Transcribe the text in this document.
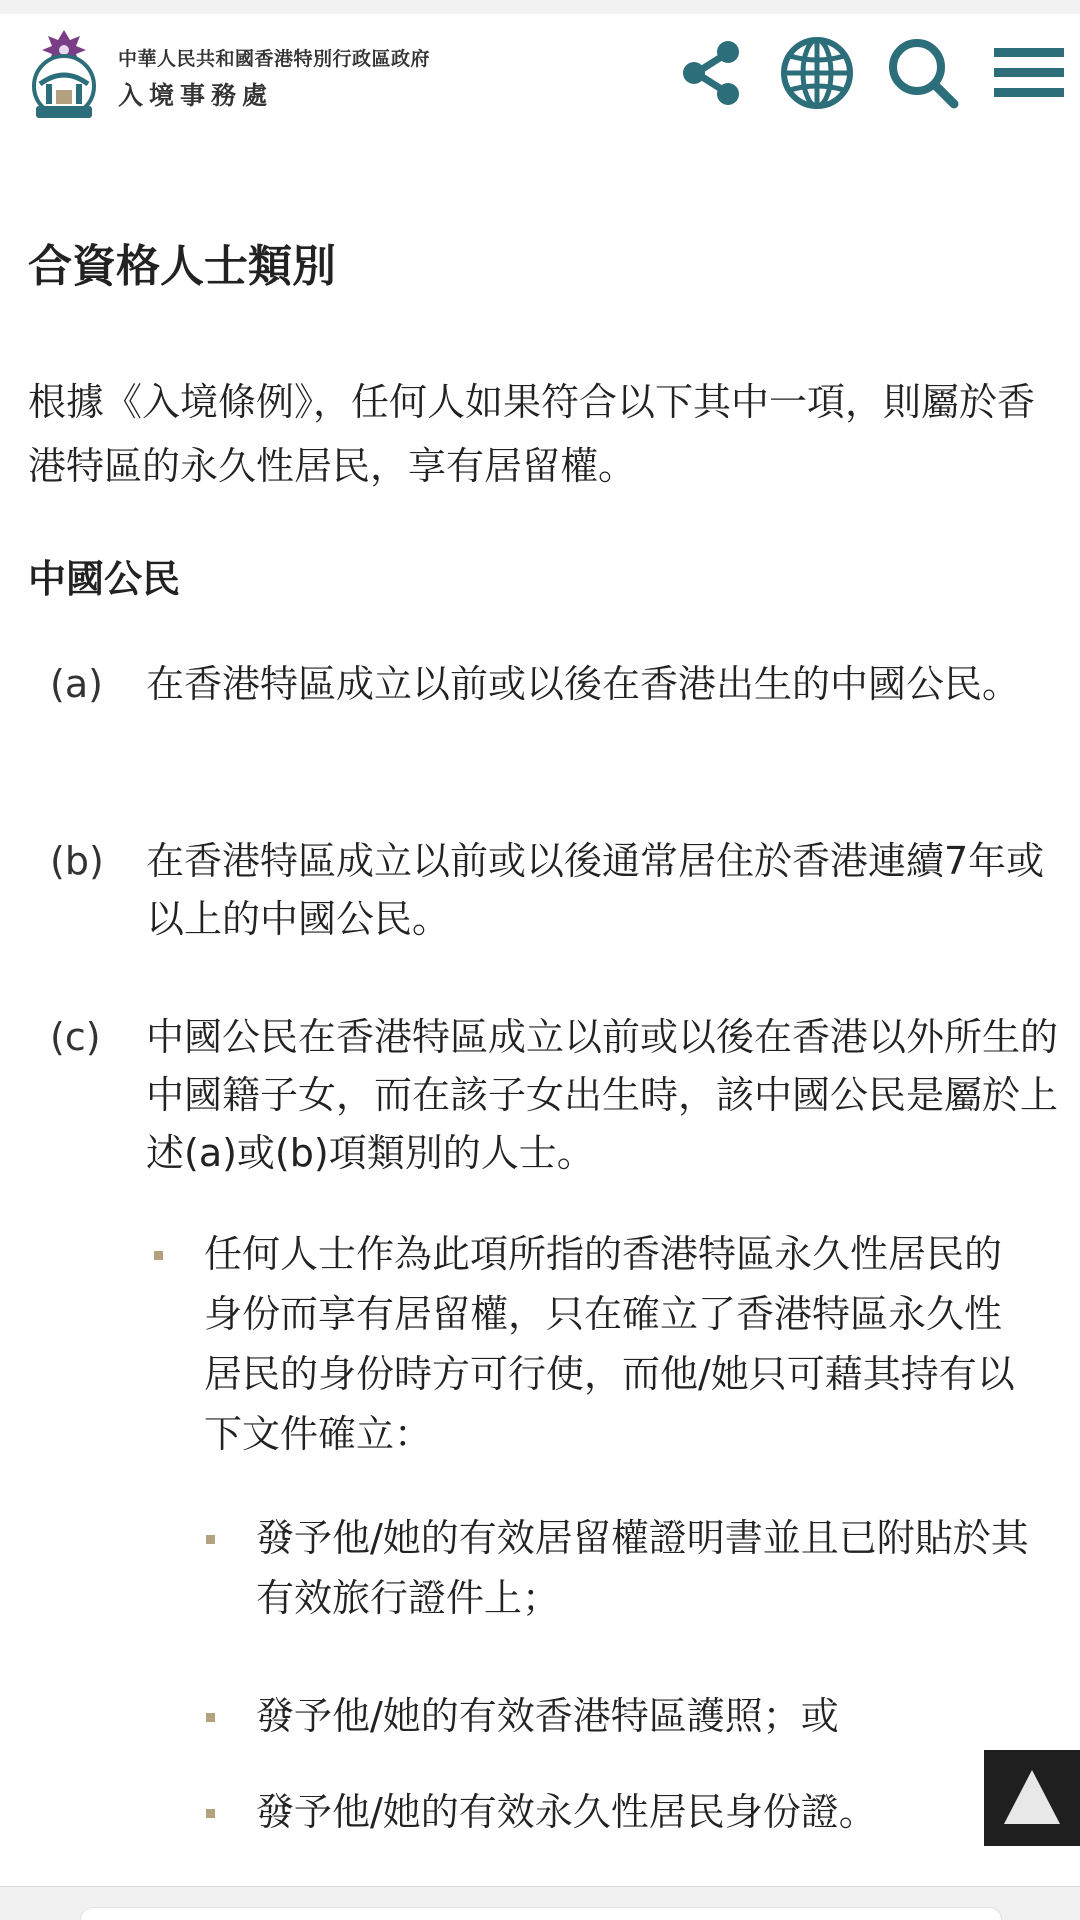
中華人民共和國香港特別行政區政府
入境事務處
合資格人士類別
根據《入境條例》，任何人如果符合以下其中一項，則屬於香港特區的永久性居民，享有居留權。
中國公民
(a) 在香港特區成立以前或以後在香港出生的中國公民。
(b) 在香港特區成立以前或以後通常居住於香港連續7年或以上的中國公民。
(c) 中國公民在香港特區成立以前或以後在香港以外所生的中國籍子女，而在該子女出生時，該中國公民是屬於上述(a)或(b)項類別的人士。
任何人士作為此項所指的香港特區永久性居民的身份而享有居留權，只在確立了香港特區永久性居民的身份時方可行使，而他/她只可藉其持有以下文件確立：
發予他/她的有效居留權證明書並且已附貼於其有效旅行證件上；
發予他/她的有效香港特區護照；或
發予他/她的有效永久性居民身份證。
